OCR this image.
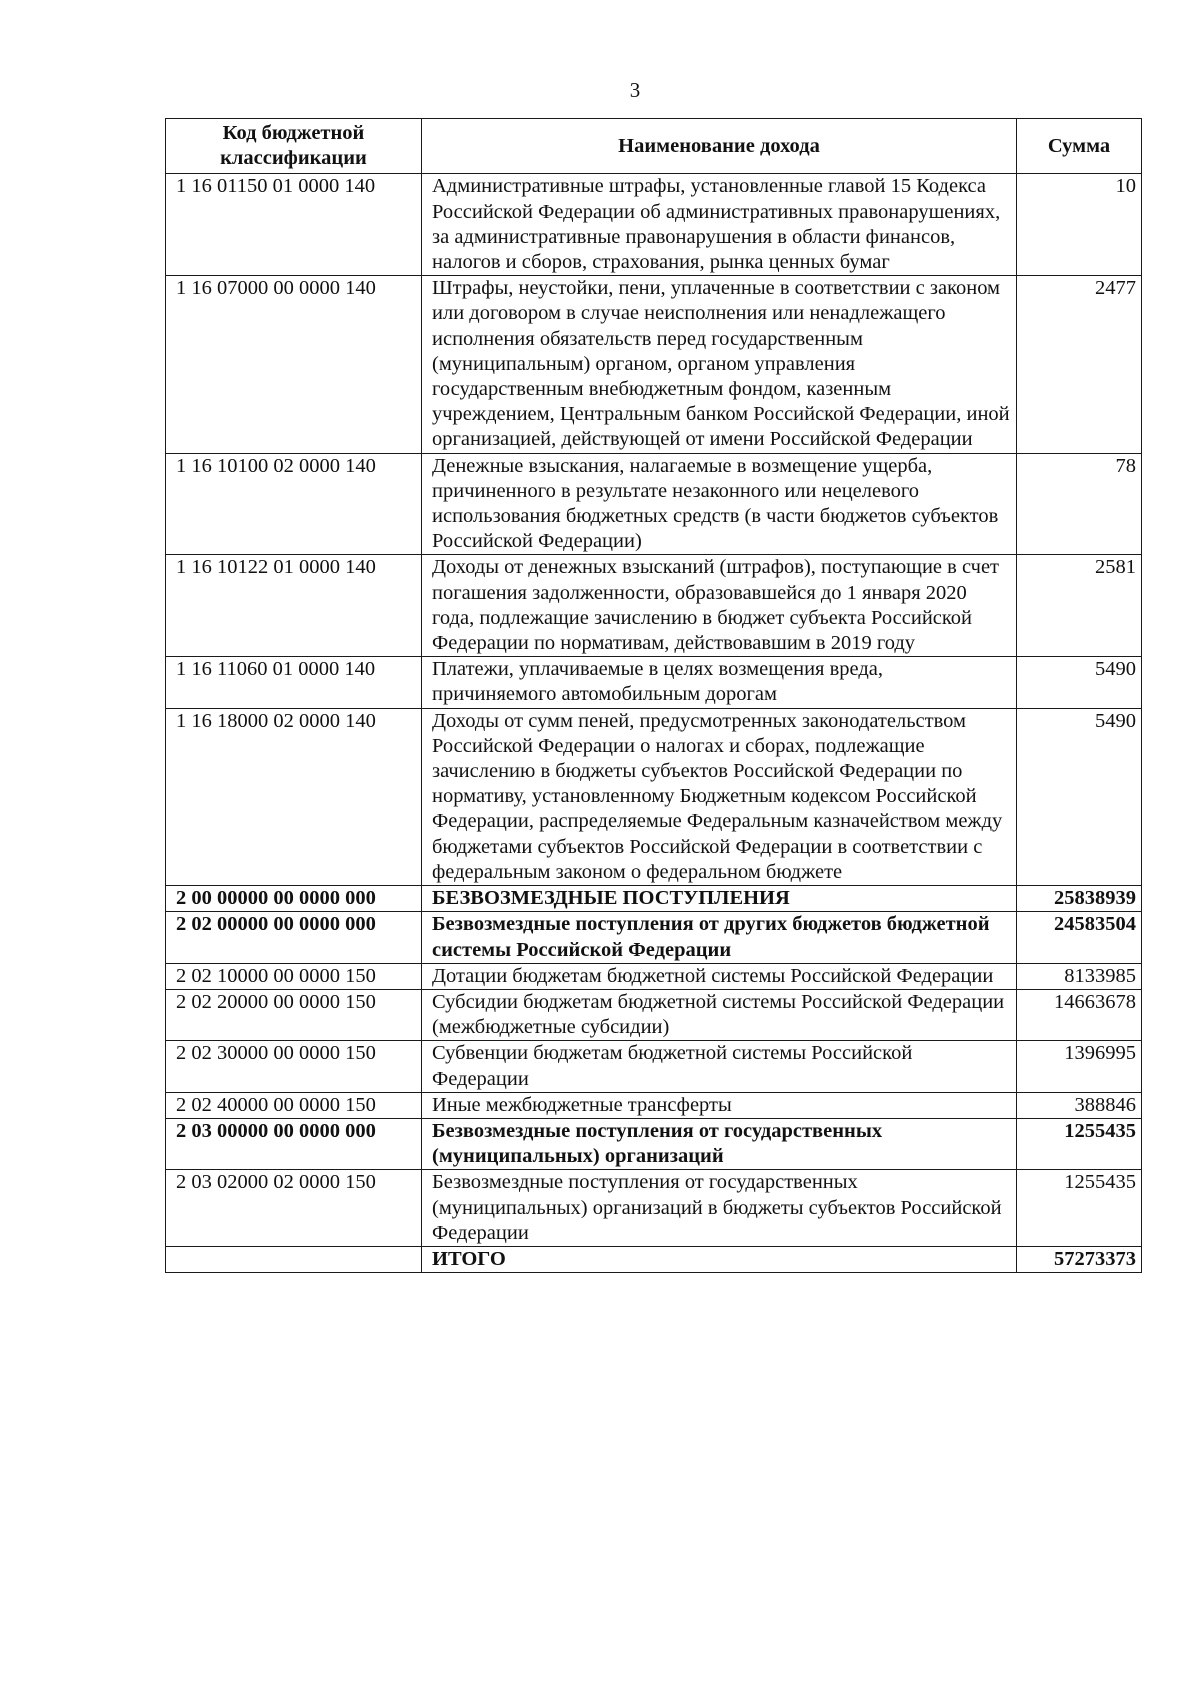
3
Код бюджетной классификации	Наименование дохода	Сумма
1 16 01150 01 0000 140	Административные штрафы, установленные главой 15 Кодекса Российской Федерации об административных правонарушениях, за административные правонарушения в области финансов, налогов и сборов, страхования, рынка ценных бумаг	10
1 16 07000 00 0000 140	Штрафы, неустойки, пени, уплаченные в соответствии с законом или договором в случае неисполнения или ненадлежащего исполнения обязательств перед государственным (муниципальным) органом, органом управления государственным внебюджетным фондом, казенным учреждением, Центральным банком Российской Федерации, иной организацией, действующей от имени Российской Федерации	2477
1 16 10100 02 0000 140	Денежные взыскания, налагаемые в возмещение ущерба, причиненного в результате незаконного или нецелевого использования бюджетных средств (в части бюджетов субъектов Российской Федерации)	78
1 16 10122 01 0000 140	Доходы от денежных взысканий (штрафов), поступающие в счет погашения задолженности, образовавшейся до 1 января 2020 года, подлежащие зачислению в бюджет субъекта Российской Федерации по нормативам, действовавшим в 2019 году	2581
1 16 11060 01 0000 140	Платежи, уплачиваемые в целях возмещения вреда, причиняемого автомобильным дорогам	5490
1 16 18000 02 0000 140	Доходы от сумм пеней, предусмотренных законодательством Российской Федерации о налогах и сборах, подлежащие зачислению в бюджеты субъектов Российской Федерации по нормативу, установленному Бюджетным кодексом Российской Федерации, распределяемые Федеральным казначейством между бюджетами субъектов Российской Федерации в соответствии с федеральным законом о федеральном бюджете	5490
2 00 00000 00 0000 000	БЕЗВОЗМЕЗДНЫЕ ПОСТУПЛЕНИЯ	25838939
2 02 00000 00 0000 000	Безвозмездные поступления от других бюджетов бюджетной системы Российской Федерации	24583504
2 02 10000 00 0000 150	Дотации бюджетам бюджетной системы Российской Федерации	8133985
2 02 20000 00 0000 150	Субсидии бюджетам бюджетной системы Российской Федерации (межбюджетные субсидии)	14663678
2 02 30000 00 0000 150	Субвенции бюджетам бюджетной системы Российской Федерации	1396995
2 02 40000 00 0000 150	Иные межбюджетные трансферты	388846
2 03 00000 00 0000 000	Безвозмездные поступления от государственных (муниципальных) организаций	1255435
2 03 02000 02 0000 150	Безвозмездные поступления от государственных (муниципальных) организаций в бюджеты субъектов Российской Федерации	1255435
	ИТОГО	57273373
